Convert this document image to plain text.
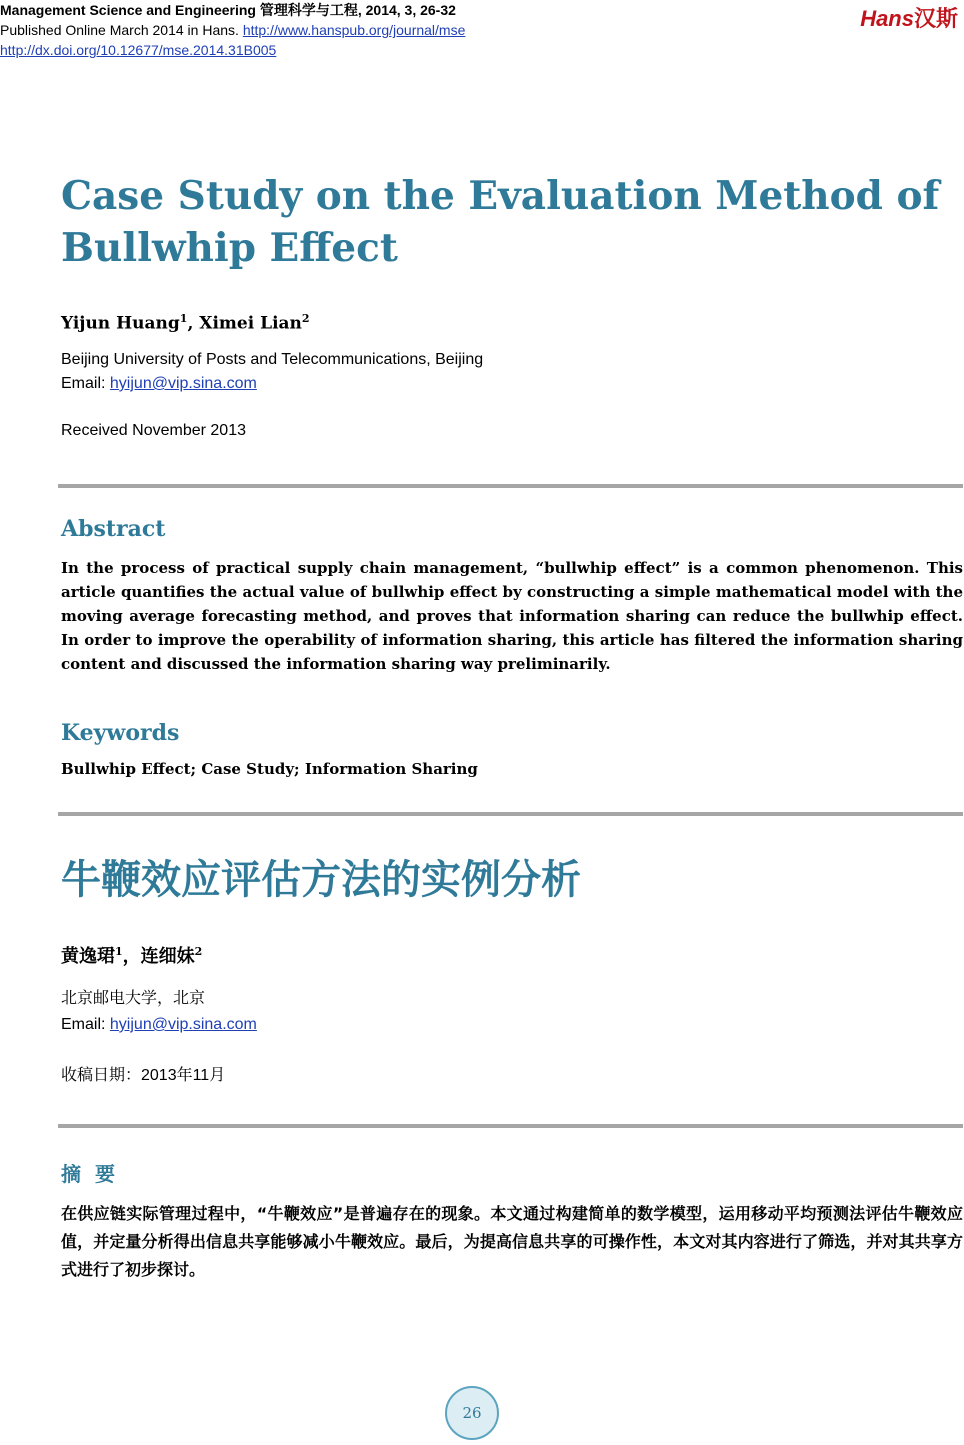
Management Science and Engineering 管理科学与工程, 2014, 3, 26-32
Published Online March 2014 in Hans. http://www.hanspub.org/journal/mse
http://dx.doi.org/10.12677/mse.2014.31B005
Hans汉斯
Case Study on the Evaluation Method of Bullwhip Effect
Yijun Huang$^1$, Ximei Lian$^2$
Beijing University of Posts and Telecommunications, Beijing
Email: hyijun@vip.sina.com
Received November 2013
Abstract
In the process of practical supply chain management, “bullwhip effect” is a common phenomenon. This article quantifies the actual value of bullwhip effect by constructing a simple mathematical model with the moving average forecasting method, and proves that information sharing can reduce the bullwhip effect. In order to improve the operability of information sharing, this article has filtered the information sharing content and discussed the information sharing way preliminarily.
Keywords
Bullwhip Effect; Case Study; Information Sharing
牛鞭效应评估方法的实例分析
黄逸珺$^1$，连细妹$^2$
北京邮电大学，北京
Email: hyijun@vip.sina.com
收稿日期：2013年11月
摘要
在供应链实际管理过程中，“牛鞭效应”是普遍存在的现象。本文通过构建简单的数学模型，运用移动平均预测法评估牛鞭效应值，并定量分析得出信息共享能够减小牛鞭效应。最后，为提高信息共享的可操作性，本文对其内容进行了筛选，并对其共享方式进行了初步探讨。
26
